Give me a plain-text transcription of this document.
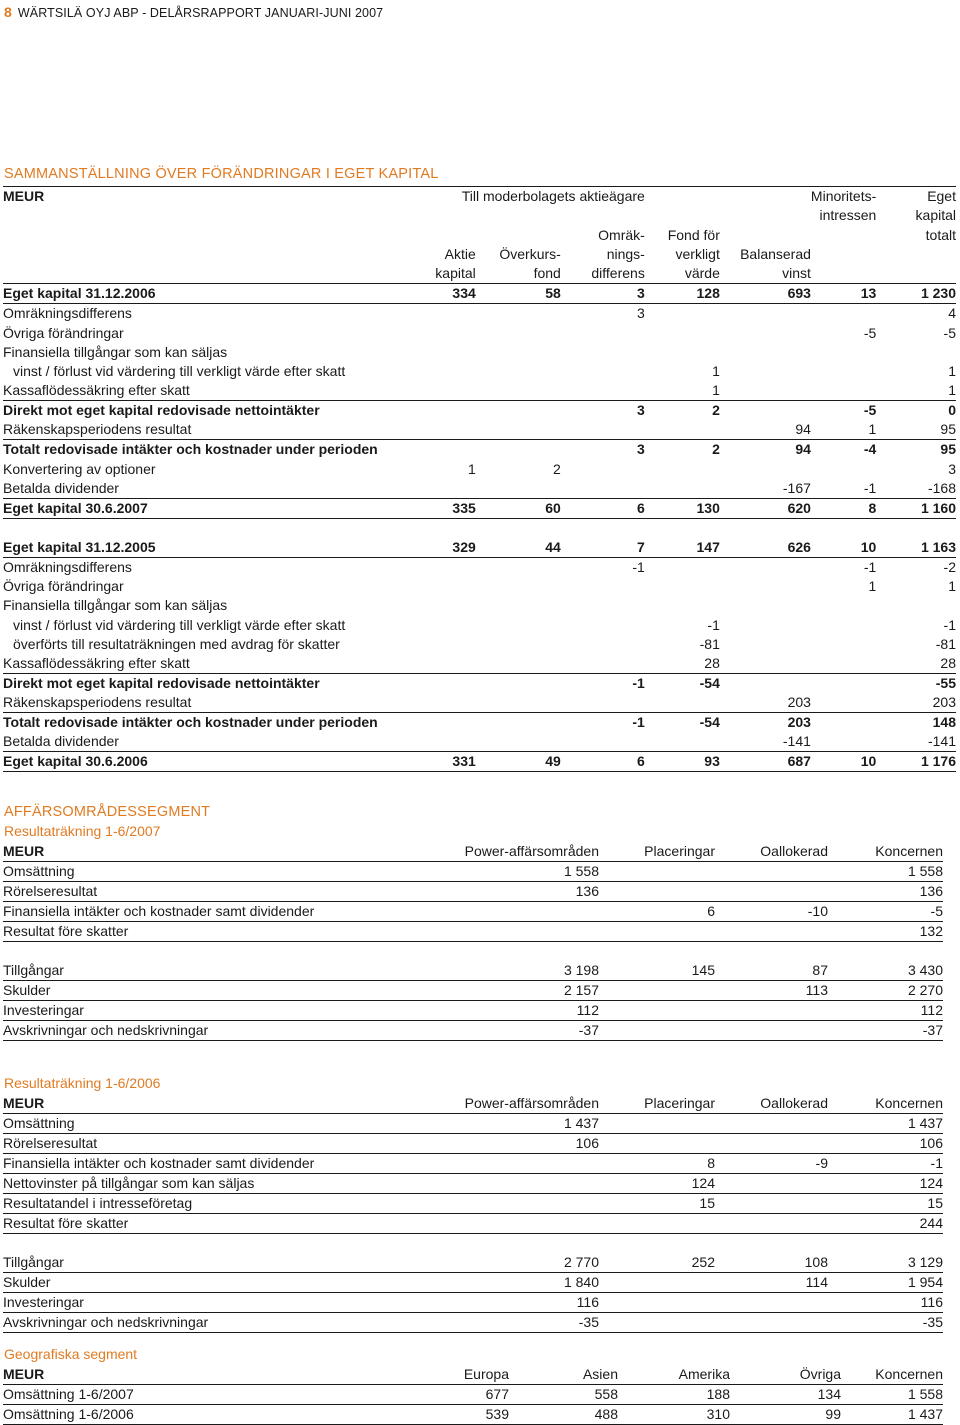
8 WÄRTSILÄ OYJ ABP - DELÅRSRAPPORT JANUARI-JUNI 2007
SAMMANSTÄLLNING ÖVER FÖRÄNDRINGAR I EGET KAPITAL
MEUR	Till moderbolagets aktieägare					Minoritets-	Eget
						intressen	kapital
			Omräk-	Fond för			totalt
	Aktie	Överkurs-	nings-	verkligt	Balanserad		
	kapital	fond	differens	värde	vinst		
Eget kapital 31.12.2006	334	58	3	128	693	13	1 230
Omräkningsdifferens			3				4
Övriga förändringar						-5	-5
Finansiella tillgångar som kan säljas							
vinst / förlust vid värdering till verkligt värde efter skatt				1			1
Kassaflödessäkring efter skatt				1			1
Direkt mot eget kapital redovisade nettointäkter			3	2		-5	0
Räkenskapsperiodens resultat					94	1	95
Totalt redovisade intäkter och kostnader under perioden			3	2	94	-4	95
Konvertering av optioner	1	2					3
Betalda dividender					-167	-1	-168
Eget kapital 30.6.2007	335	60	6	130	620	8	1 160

Eget kapital 31.12.2005	329	44	7	147	626	10	1 163
Omräkningsdifferens			-1			-1	-2
Övriga förändringar						1	1
Finansiella tillgångar som kan säljas							
vinst / förlust vid värdering till verkligt värde efter skatt				-1			-1
överförts till resultaträkningen med avdrag för skatter				-81			-81
Kassaflödessäkring efter skatt				28			28
Direkt mot eget kapital redovisade nettointäkter			-1	-54			-55
Räkenskapsperiodens resultat					203		203
Totalt redovisade intäkter och kostnader under perioden			-1	-54	203		148
Betalda dividender					-141		-141
Eget kapital 30.6.2006	331	49	6	93	687	10	1 176
AFFÄRSOMRÅDESSEGMENT
Resultaträkning 1-6/2007
MEUR	Power-affärsområden	Placeringar	Oallokerad	Koncernen
Omsättning	1 558			1 558
Rörelseresultat	136			136
Finansiella intäkter och kostnader samt dividender		6	-10	-5
Resultat före skatter				132

Tillgångar	3 198	145	87	3 430
Skulder	2 157		113	2 270
Investeringar	112			112
Avskrivningar och nedskrivningar	-37			-37
Resultaträkning 1-6/2006
MEUR	Power-affärsområden	Placeringar	Oallokerad	Koncernen
Omsättning	1 437			1 437
Rörelseresultat	106			106
Finansiella intäkter och kostnader samt dividender		8	-9	-1
Nettovinster på tillgångar som kan säljas		124		124
Resultatandel i intresseföretag		15		15
Resultat före skatter				244

Tillgångar	2 770	252	108	3 129
Skulder	1 840		114	1 954
Investeringar	116			116
Avskrivningar och nedskrivningar	-35			-35
Geografiska segment
MEUR	Europa	Asien	Amerika	Övriga	Koncernen
Omsättning 1-6/2007	677	558	188	134	1 558
Omsättning 1-6/2006	539	488	310	99	1 437
